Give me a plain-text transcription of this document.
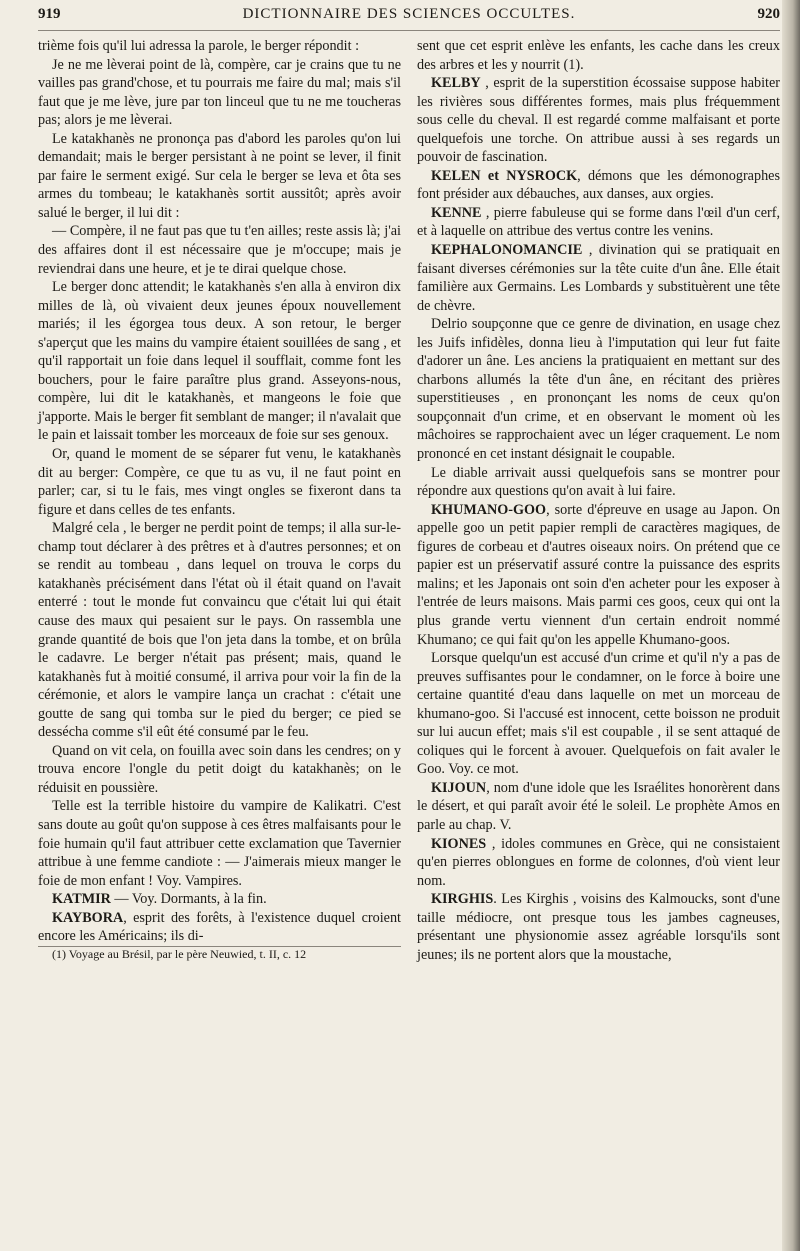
919	DICTIONNAIRE DES SCIENCES OCCULTES.	920

trième fois qu'il lui adressa la parole, le berger répondit :

Je ne me lèverai point de là, compère, car je crains que tu ne vailles pas grand'chose, et tu pourrais me faire du mal; mais s'il faut que je me lève, jure par ton linceul que tu ne me toucheras pas; alors je me lèverai.

Le katakhanès ne prononça pas d'abord les paroles qu'on lui demandait; mais le berger persistant à ne point se lever, il finit par faire le serment exigé. Sur cela le berger se leva et ôta ses armes du tombeau; le katakhanès sortit aussitôt; après avoir salué le berger, il lui dit :

— Compère, il ne faut pas que tu t'en ailles; reste assis là; j'ai des affaires dont il est nécessaire que je m'occupe; mais je reviendrai dans une heure, et je te dirai quelque chose.

Le berger donc attendit; le katakhanès s'en alla à environ dix milles de là, où vivaient deux jeunes époux nouvellement mariés; il les égorgea tous deux. A son retour, le berger s'aperçut que les mains du vampire étaient souillées de sang , et qu'il rapportait un foie dans lequel il soufflait, comme font les bouchers, pour le faire paraître plus grand. Asseyons-nous, compère, lui dit le katakhanès, et mangeons le foie que j'apporte. Mais le berger fit semblant de manger; il n'avalait que le pain et laissait tomber les morceaux de foie sur ses genoux.

Or, quand le moment de se séparer fut venu, le katakhanès dit au berger: Compère, ce que tu as vu, il ne faut point en parler; car, si tu le fais, mes vingt ongles se fixeront dans ta figure et dans celles de tes enfants.

Malgré cela , le berger ne perdit point de temps; il alla sur-le-champ tout déclarer à des prêtres et à d'autres personnes; et on se rendit au tombeau , dans lequel on trouva le corps du katakhanès précisément dans l'état où il était quand on l'avait enterré : tout le monde fut convaincu que c'était lui qui était cause des maux qui pesaient sur le pays. On rassembla une grande quantité de bois que l'on jeta dans la tombe, et on brûla le cadavre. Le berger n'était pas présent; mais, quand le katakhanès fut à moitié consumé, il arriva pour voir la fin de la cérémonie, et alors le vampire lança un crachat : c'était une goutte de sang qui tomba sur le pied du berger; ce pied se dessécha comme s'il eût été consumé par le feu.

Quand on vit cela, on fouilla avec soin dans les cendres; on y trouva encore l'ongle du petit doigt du katakhanès; on le réduisit en poussière.

Telle est la terrible histoire du vampire de Kalikatri. C'est sans doute au goût qu'on suppose à ces êtres malfaisants pour le foie humain qu'il faut attribuer cette exclamation que Tavernier attribue à une femme candiote : — J'aimerais mieux manger le foie de mon enfant ! Voy. Vampires.

KATMIR — Voy. Dormants, à la fin.

KAYBORA, esprit des forêts, à l'existence duquel croient encore les Américains; ils di-

(1) Voyage au Brésil, par le père Neuwied, t. II, c. 12

sent que cet esprit enlève les enfants, les cache dans les creux des arbres et les y nourrit (1).

KELBY , esprit de la superstition écossaise suppose habiter les rivières sous différentes formes, mais plus fréquemment sous celle du cheval. Il est regardé comme malfaisant et porte quelquefois une torche. On attribue aussi à ses regards un pouvoir de fascination.

KELEN et NYSROCK, démons que les démonographes font présider aux débauches, aux danses, aux orgies.

KENNE , pierre fabuleuse qui se forme dans l'œil d'un cerf, et à laquelle on attribue des vertus contre les venins.

KEPHALONOMANCIE , divination qui se pratiquait en faisant diverses cérémonies sur la tête cuite d'un âne. Elle était familière aux Germains. Les Lombards y substituèrent une tête de chèvre.

Delrio soupçonne que ce genre de divination, en usage chez les Juifs infidèles, donna lieu à l'imputation qui leur fut faite d'adorer un âne. Les anciens la pratiquaient en mettant sur des charbons allumés la tête d'un âne, en récitant des prières superstitieuses , en prononçant les noms de ceux qu'on soupçonnait d'un crime, et en observant le moment où les mâchoires se rapprochaient avec un léger craquement. Le nom prononcé en cet instant désignait le coupable.

Le diable arrivait aussi quelquefois sans se montrer pour répondre aux questions qu'on avait à lui faire.

KHUMANO-GOO, sorte d'épreuve en usage au Japon. On appelle goo un petit papier rempli de caractères magiques, de figures de corbeau et d'autres oiseaux noirs. On prétend que ce papier est un préservatif assuré contre la puissance des esprits malins; et les Japonais ont soin d'en acheter pour les exposer à l'entrée de leurs maisons. Mais parmi ces goos, ceux qui ont la plus grande vertu viennent d'un certain endroit nommé Khumano; ce qui fait qu'on les appelle Khumano-goos.

Lorsque quelqu'un est accusé d'un crime et qu'il n'y a pas de preuves suffisantes pour le condamner, on le force à boire une certaine quantité d'eau dans laquelle on met un morceau de khumano-goo. Si l'accusé est innocent, cette boisson ne produit sur lui aucun effet; mais s'il est coupable , il se sent attaqué de coliques qui le forcent à avouer. Quelquefois on fait avaler le Goo. Voy. ce mot.

KIJOUN, nom d'une idole que les Israélites honorèrent dans le désert, et qui paraît avoir été le soleil. Le prophète Amos en parle au chap. V.

KIONES , idoles communes en Grèce, qui ne consistaient qu'en pierres oblongues en forme de colonnes, d'où vient leur nom.

KIRGHIS. Les Kirghis , voisins des Kalmoucks, sont d'une taille médiocre, ont presque tous les jambes cagneuses, présentant une physionomie assez agréable lorsqu'ils sont jeunes; ils ne portent alors que la moustache,
